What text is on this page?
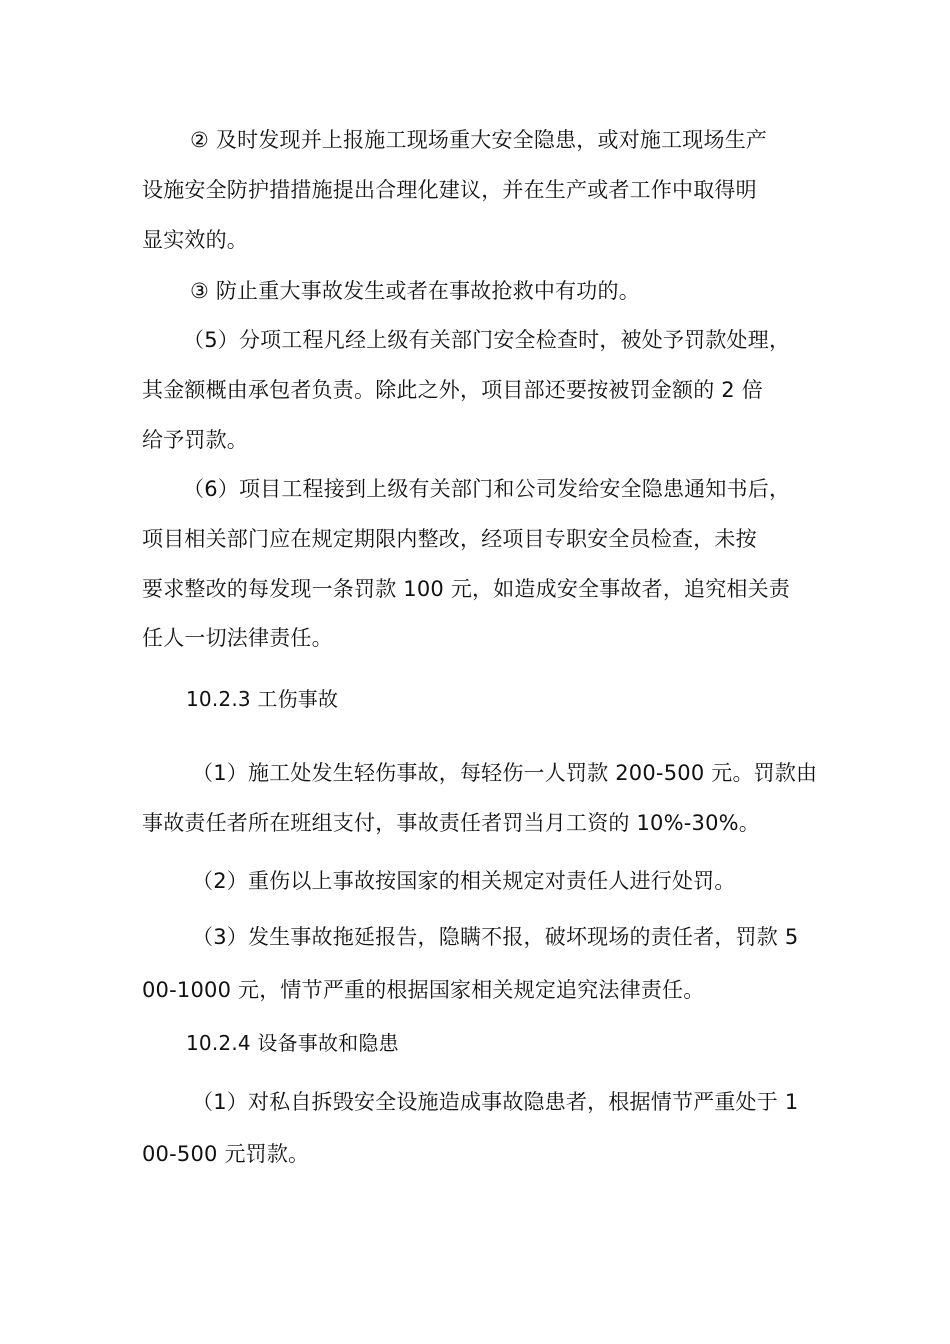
② 及时发现并上报施工现场重大安全隐患，或对施工现场生产
设施安全防护措措施提出合理化建议，并在生产或者工作中取得明
显实效的。
③ 防止重大事故发生或者在事故抢救中有功的。
（5）分项工程凡经上级有关部门安全检查时，被处予罚款处理，
其金额概由承包者负责。除此之外，项目部还要按被罚金额的 2 倍
给予罚款。
（6）项目工程接到上级有关部门和公司发给安全隐患通知书后，
项目相关部门应在规定期限内整改，经项目专职安全员检查，未按
要求整改的每发现一条罚款 100 元，如造成安全事故者，追究相关责
任人一切法律责任。
10.2.3 工伤事故
（1）施工处发生轻伤事故，每轻伤一人罚款 200-500 元。罚款由
事故责任者所在班组支付，事故责任者罚当月工资的 10%-30%。
（2）重伤以上事故按国家的相关规定对责任人进行处罚。
（3）发生事故拖延报告，隐瞒不报，破坏现场的责任者，罚款 5
00-1000 元，情节严重的根据国家相关规定追究法律责任。
10.2.4 设备事故和隐患
（1）对私自拆毁安全设施造成事故隐患者，根据情节严重处于 1
00-500 元罚款。
